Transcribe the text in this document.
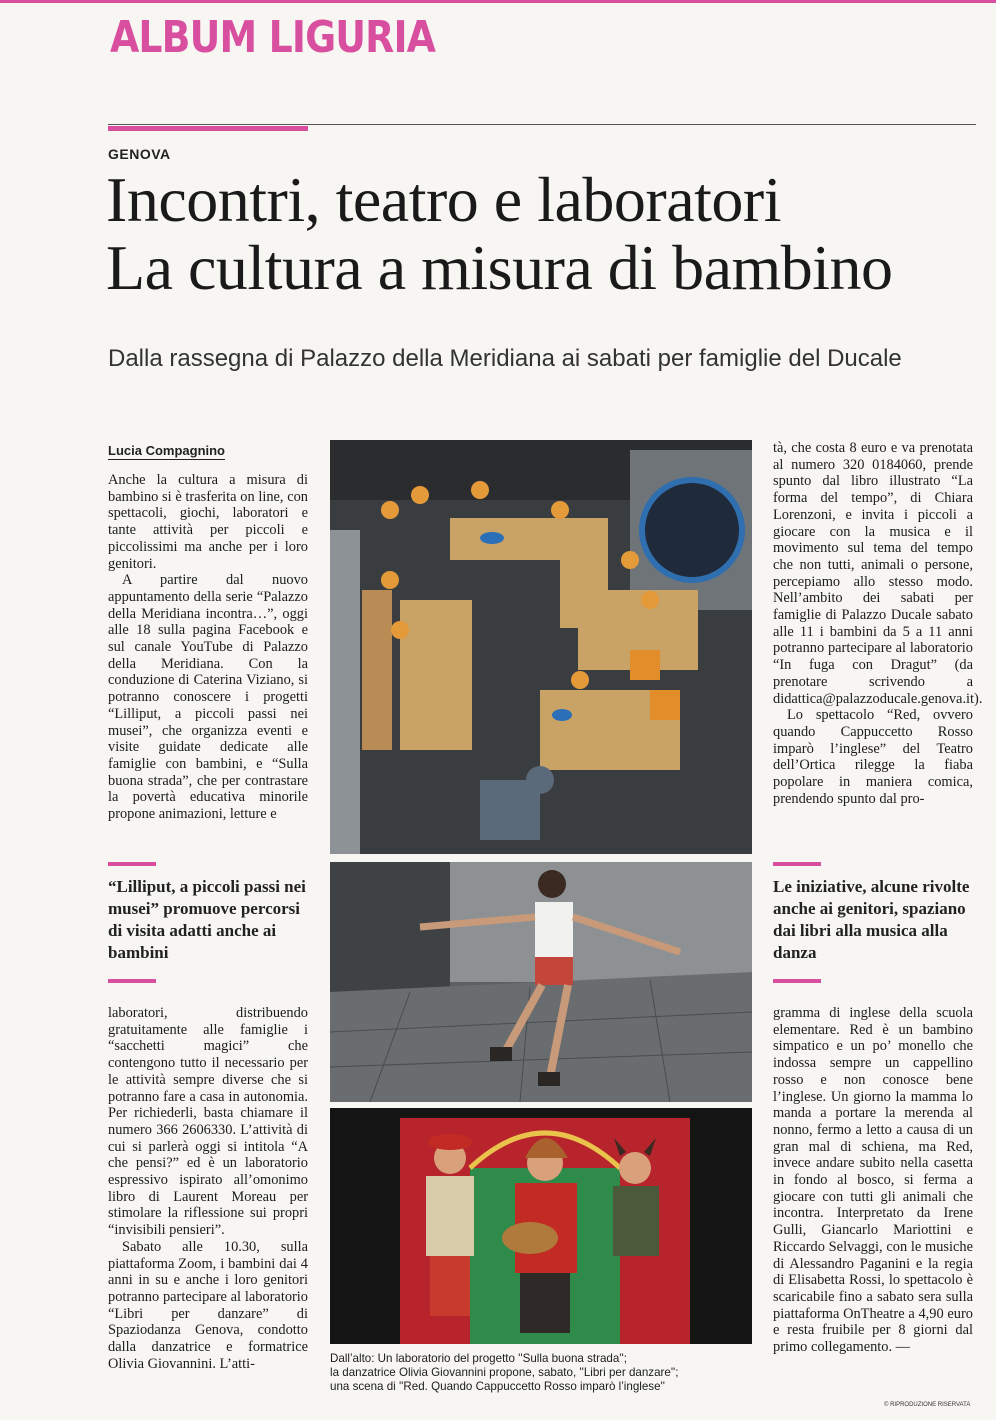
ALBUM LIGURIA
GENOVA
Incontri, teatro e laboratori
La cultura a misura di bambino
Dalla rassegna di Palazzo della Meridiana ai sabati per famiglie del Ducale
Lucia Compagnino

Anche la cultura a misura di bambino si è trasferita on line, con spettacoli, giochi, laboratori e tante attività per piccoli e piccolissimi ma anche per i loro genitori.

A partire dal nuovo appuntamento della serie “Palazzo della Meridiana incontra…”, oggi alle 18 sulla pagina Facebook e sul canale YouTube di Palazzo della Meridiana. Con la conduzione di Caterina Viziano, si potranno conoscere i progetti “Lilliput, a piccoli passi nei musei”, che organizza eventi e visite guidate dedicate alle famiglie con bambini, e “Sulla buona strada”, che per contrastare la povertà educativa minorile propone animazioni, letture e

“Lilliput, a piccoli passi nei musei” promuove percorsi di visita adatti anche ai bambini

laboratori, distribuendo gratuitamente alle famiglie i “sacchetti magici” che contengono tutto il necessario per le attività sempre diverse che si potranno fare a casa in autonomia. Per richiederli, basta chiamare il numero 366 2606330. L’attività di cui si parlerà oggi si intitola “A che pensi?” ed è un laboratorio espressivo ispirato all’omonimo libro di Laurent Moreau per stimolare la riflessione sui propri “invisibili pensieri”.

Sabato alle 10.30, sulla piattaforma Zoom, i bambini dai 4 anni in su e anche i loro genitori potranno partecipare al laboratorio “Libri per danzare” di Spaziodanza Genova, condotto dalla danzatrice e formatrice Olivia Giovannini. L’atti-	Dall’alto: Un laboratorio del progetto ''Sulla buona strada'';
la danzatrice Olivia Giovannini propone, sabato, ''Libri per danzare'';
una scena di ''Red. Quando Cappuccetto Rosso imparò l’inglese''

tà, che costa 8 euro e va prenotata al numero 320 0184060, prende spunto dal libro illustrato “La forma del tempo”, di Chiara Lorenzoni, e invita i piccoli a giocare con la musica e il movimento sul tema del tempo che non tutti, animali o persone, percepiamo allo stesso modo. Nell’ambito dei sabati per famiglie di Palazzo Ducale sabato alle 11 i bambini da 5 a 11 anni potranno partecipare al laboratorio “In fuga con Dragut” (da prenotare scrivendo a didattica@palazzoducale.genova.it).

Lo spettacolo “Red, ovvero quando Cappuccetto Rosso imparò l’inglese” del Teatro dell’Ortica rilegge la fiaba popolare in maniera comica, prendendo spunto dal pro-

Le iniziative, alcune rivolte anche ai genitori, spaziano dai libri alla musica alla danza

gramma di inglese della scuola elementare. Red è un bambino simpatico e un po’ monello che indossa sempre un cappellino rosso e non conosce bene l’inglese. Un giorno la mamma lo manda a portare la merenda al nonno, fermo a letto a causa di un gran mal di schiena, ma Red, invece andare subito nella casetta in fondo al bosco, si ferma a giocare con tutti gli animali che incontra. Interpretato da Irene Gulli, Giancarlo Mariottini e Riccardo Selvaggi, con le musiche di Alessandro Paganini e la regia di Elisabetta Rossi, lo spettacolo è scaricabile fino a sabato sera sulla piattaforma OnTheatre a 4,90 euro e resta fruibile per 8 giorni dal primo collegamento. —

© RIPRODUZIONE RISERVATA
